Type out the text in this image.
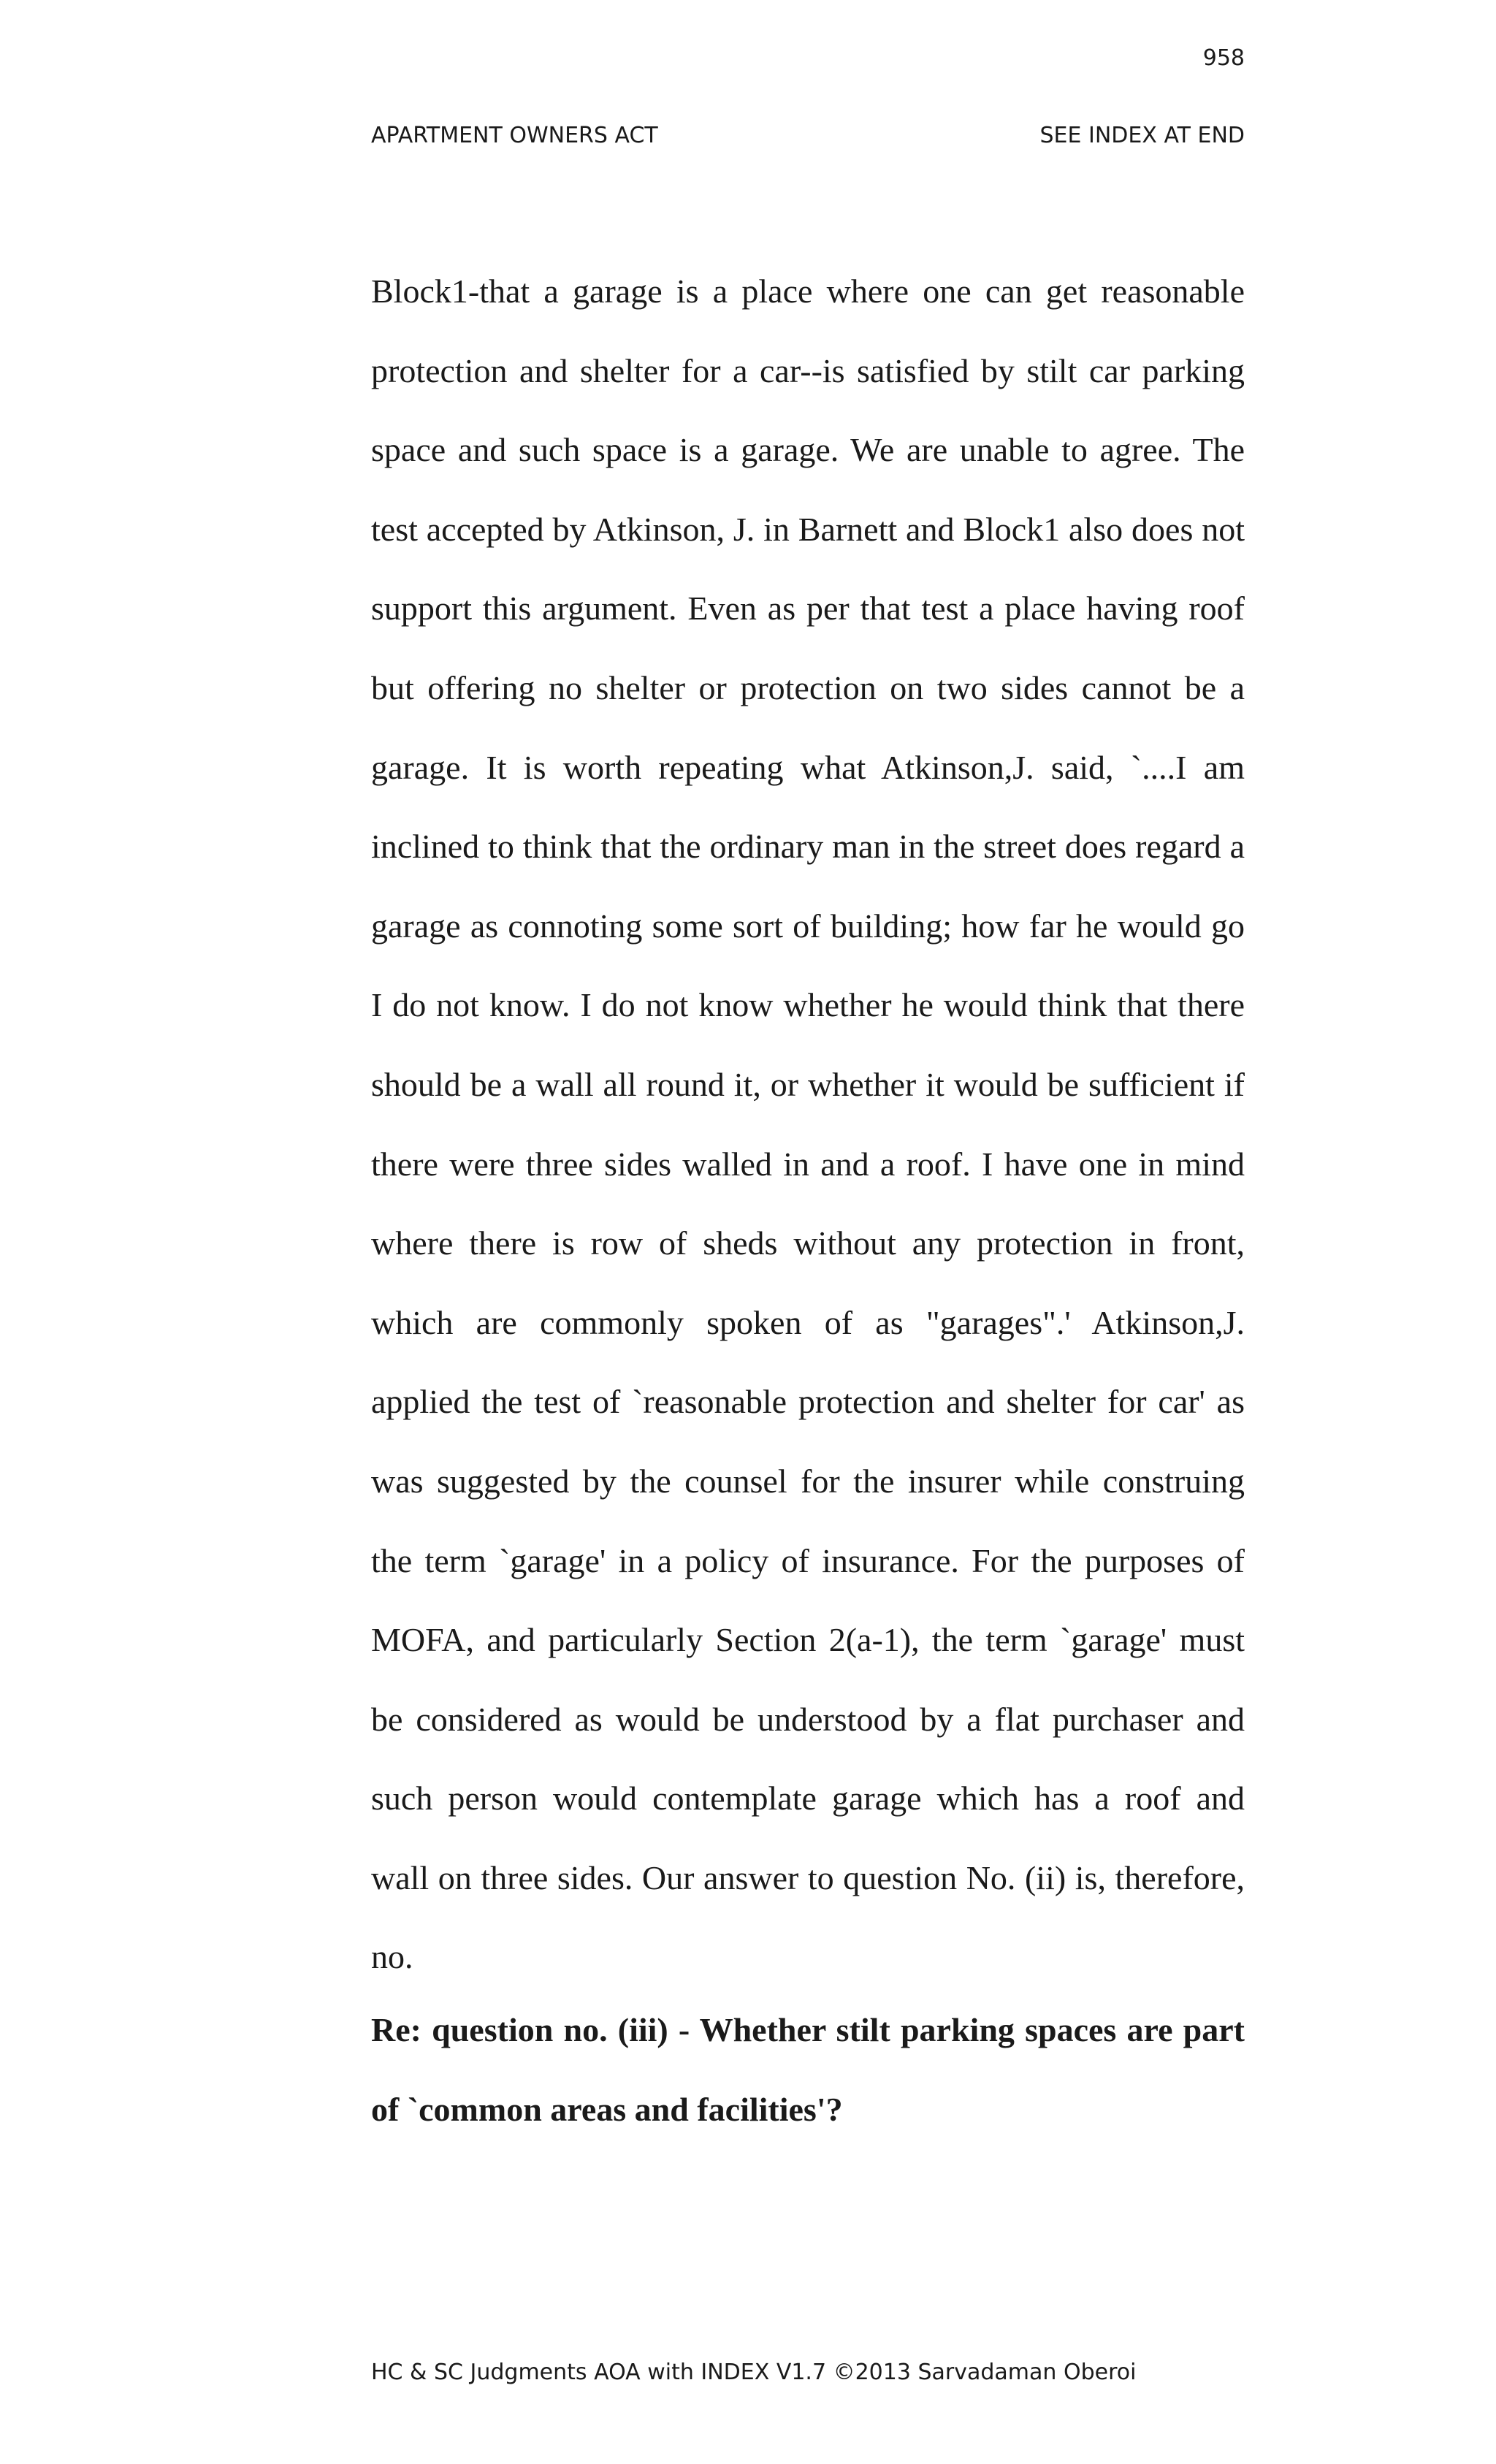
958
APARTMENT OWNERS ACT	SEE INDEX AT END

Block1-that a garage is a place where one can get reasonable protection and shelter for a car--is satisfied by stilt car parking space and such space is a garage. We are unable to agree. The test accepted by Atkinson, J. in Barnett and Block1 also does not support this argument. Even as per that test a place having roof but offering no shelter or protection on two sides cannot be a garage. It is worth repeating what Atkinson,J. said, `....I am inclined to think that the ordinary man in the street does regard a garage as connoting some sort of building; how far he would go I do not know. I do not know whether he would think that there should be a wall all round it, or whether it would be sufficient if there were three sides walled in and a roof. I have one in mind where there is row of sheds without any protection in front, which are commonly spoken of as "garages".' Atkinson,J. applied the test of `reasonable protection and shelter for car' as was suggested by the counsel for the insurer while construing the term `garage' in a policy of insurance. For the purposes of MOFA, and particularly Section 2(a-1), the term `garage' must be considered as would be understood by a flat purchaser and such person would contemplate garage which has a roof and wall on three sides. Our answer to question No. (ii) is, therefore, no.

Re: question no. (iii) - Whether stilt parking spaces are part of `common areas and facilities'?

HC & SC Judgments AOA with INDEX V1.7 ©2013 Sarvadaman Oberoi
